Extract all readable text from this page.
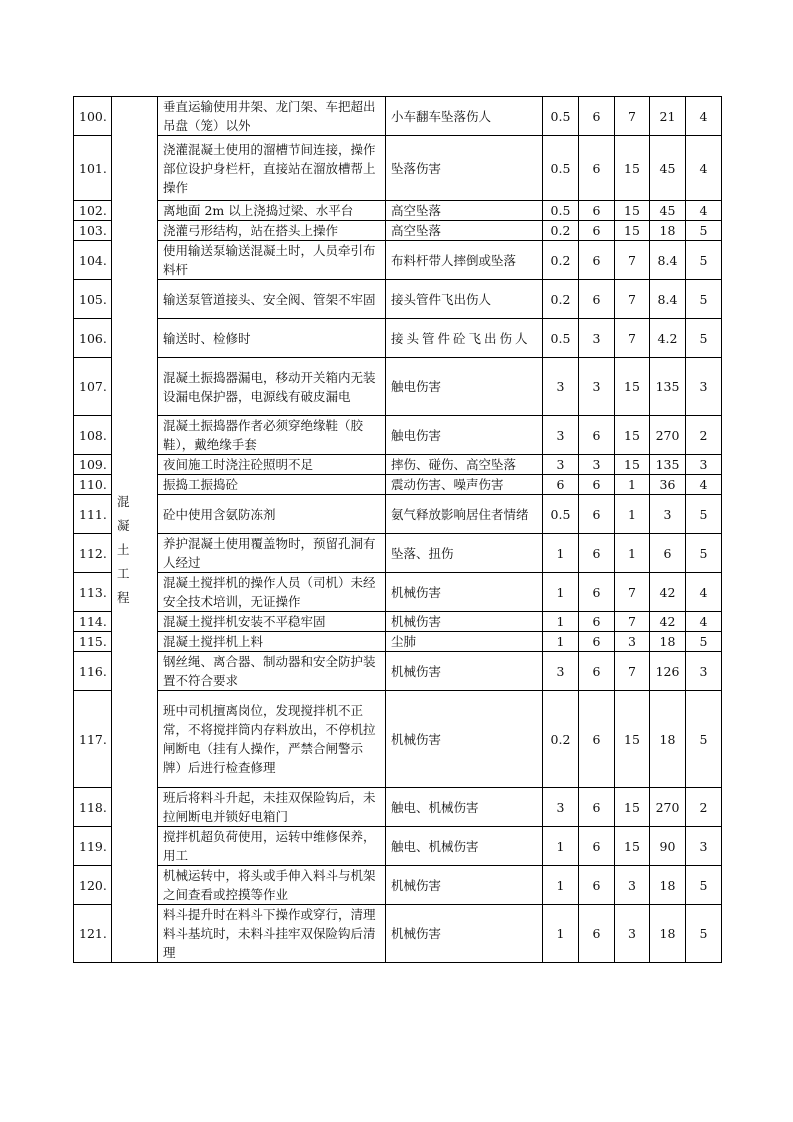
100.	混凝土工程	垂直运输使用井架、龙门架、车把超出吊盘（笼）以外	小车翻车坠落伤人	0.5	6	7	21	4
101.		浇灌混凝土使用的溜槽节间连接，操作部位设护身栏杆，直接站在溜放槽帮上操作	坠落伤害	0.5	6	15	45	4
102.		离地面 2m 以上浇捣过梁、水平台	高空坠落	0.5	6	15	45	4
103.		浇灌弓形结构，站在搭头上操作	高空坠落	0.2	6	15	18	5
104.		使用输送泵输送混凝土时，人员牵引布料杆	布料杆带人摔倒或坠落	0.2	6	7	8.4	5
105.		输送泵管道接头、安全阀、管架不牢固	接头管件飞出伤人	0.2	6	7	8.4	5
106.		输送时、检修时	接头管件砼飞出伤人	0.5	3	7	4.2	5
107.		混凝土振捣器漏电，移动开关箱内无装设漏电保护器，电源线有破皮漏电	触电伤害	3	3	15	135	3
108.		混凝土振捣器作者必须穿绝缘鞋（胶鞋），戴绝缘手套	触电伤害	3	6	15	270	2
109.		夜间施工时浇注砼照明不足	摔伤、碰伤、高空坠落	3	3	15	135	3
110.		振捣工振捣砼	震动伤害、噪声伤害	6	6	1	36	4
111.		砼中使用含氨防冻剂	氨气释放影响居住者情绪	0.5	6	1	3	5
112.		养护混凝土使用覆盖物时，预留孔洞有人经过	坠落、扭伤	1	6	1	6	5
113.		混凝土搅拌机的操作人员（司机）未经安全技术培训，无证操作	机械伤害	1	6	7	42	4
114.		混凝土搅拌机安装不平稳牢固	机械伤害	1	6	7	42	4
115.		混凝土搅拌机上料	尘肺	1	6	3	18	5
116.		钢丝绳、离合器、制动器和安全防护装置不符合要求	机械伤害	3	6	7	126	3
117.		班中司机擅离岗位，发现搅拌机不正常，不将搅拌筒内存料放出，不停机拉闸断电（挂有人操作，严禁合闸警示牌）后进行检查修理	机械伤害	0.2	6	15	18	5
118.		班后将料斗升起，未挂双保险钩后，未拉闸断电并锁好电箱门	触电、机械伤害	3	6	15	270	2
119.		搅拌机超负荷使用，运转中维修保养，用工	触电、机械伤害	1	6	15	90	3
120.		机械运转中，将头或手伸入料斗与机架之间查看或控摸等作业	机械伤害	1	6	3	18	5
121.		料斗提升时在料斗下操作或穿行，清理料斗基坑时，未料斗挂牢双保险钩后清理	机械伤害	1	6	3	18	5
